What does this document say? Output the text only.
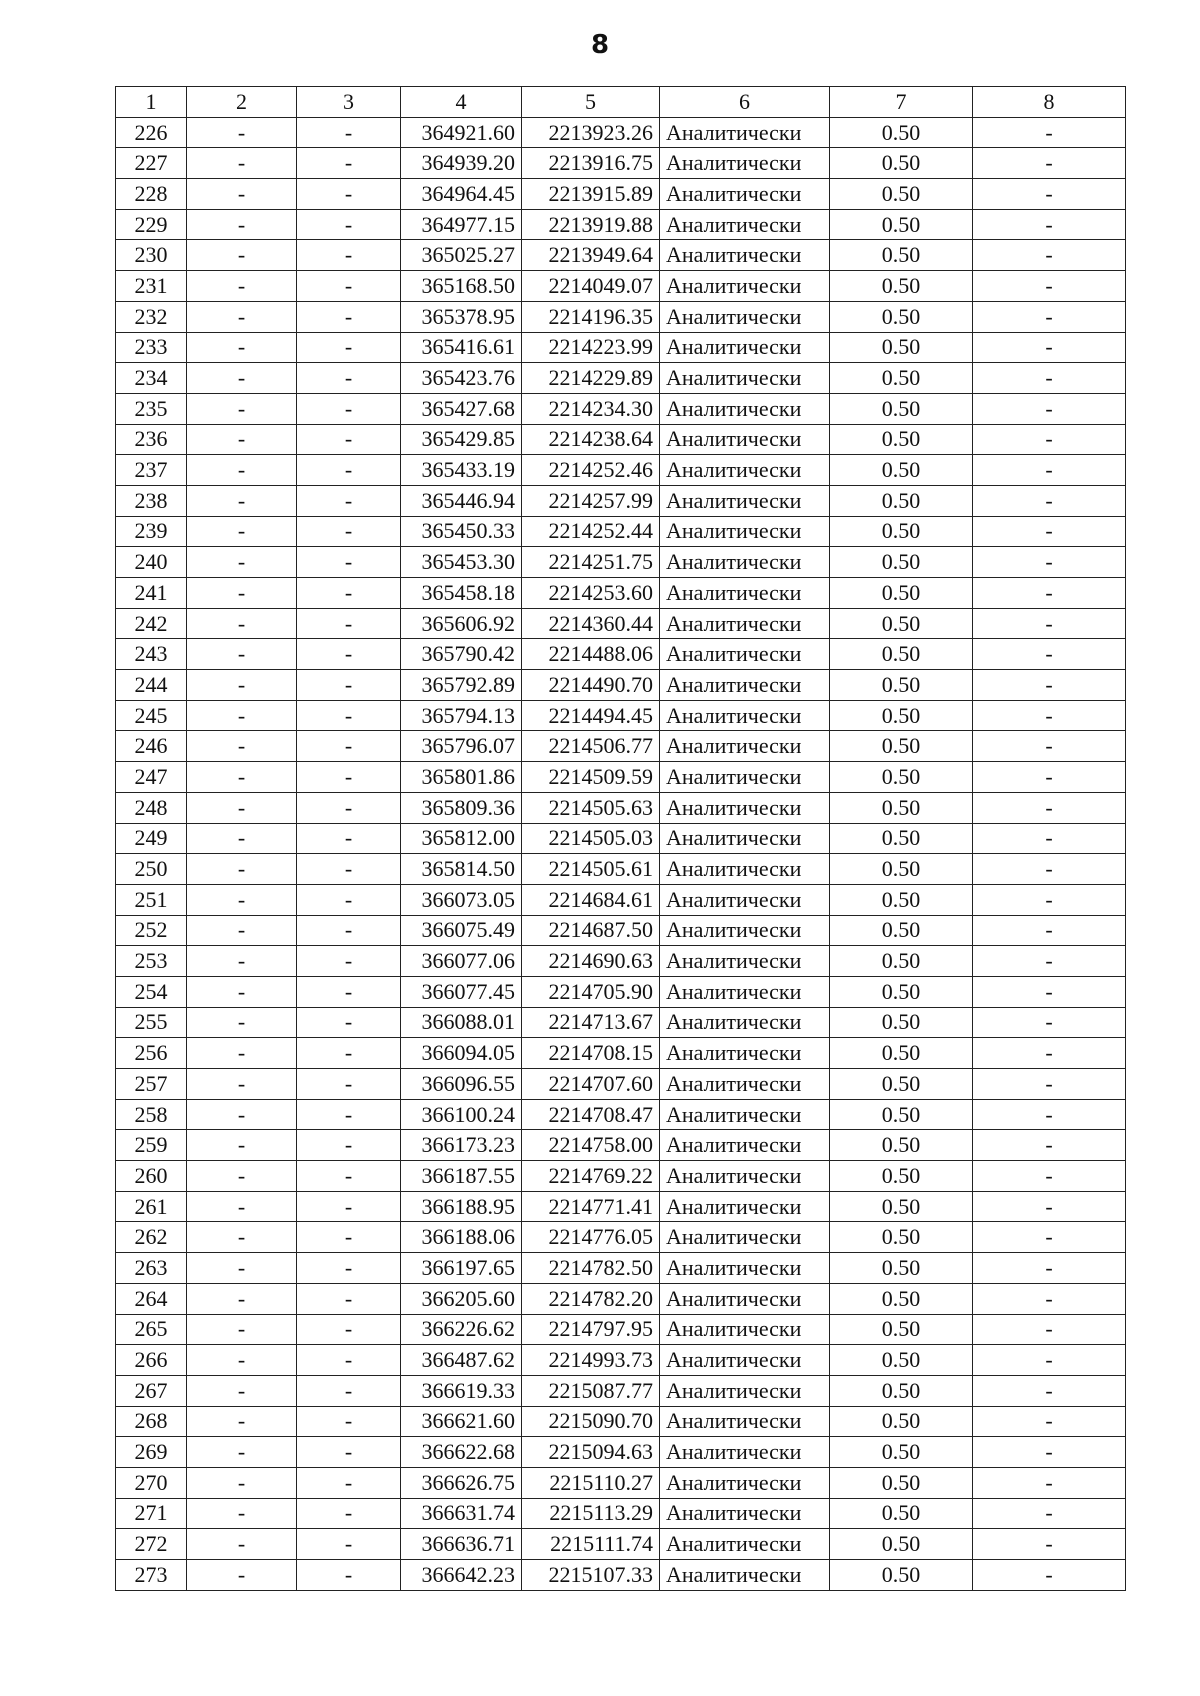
8
1	2	3	4	5	6	7	8
226	-	-	364921.60	2213923.26	Аналитически	0.50	-
227	-	-	364939.20	2213916.75	Аналитически	0.50	-
228	-	-	364964.45	2213915.89	Аналитически	0.50	-
229	-	-	364977.15	2213919.88	Аналитически	0.50	-
230	-	-	365025.27	2213949.64	Аналитически	0.50	-
231	-	-	365168.50	2214049.07	Аналитически	0.50	-
232	-	-	365378.95	2214196.35	Аналитически	0.50	-
233	-	-	365416.61	2214223.99	Аналитически	0.50	-
234	-	-	365423.76	2214229.89	Аналитически	0.50	-
235	-	-	365427.68	2214234.30	Аналитически	0.50	-
236	-	-	365429.85	2214238.64	Аналитически	0.50	-
237	-	-	365433.19	2214252.46	Аналитически	0.50	-
238	-	-	365446.94	2214257.99	Аналитически	0.50	-
239	-	-	365450.33	2214252.44	Аналитически	0.50	-
240	-	-	365453.30	2214251.75	Аналитически	0.50	-
241	-	-	365458.18	2214253.60	Аналитически	0.50	-
242	-	-	365606.92	2214360.44	Аналитически	0.50	-
243	-	-	365790.42	2214488.06	Аналитически	0.50	-
244	-	-	365792.89	2214490.70	Аналитически	0.50	-
245	-	-	365794.13	2214494.45	Аналитически	0.50	-
246	-	-	365796.07	2214506.77	Аналитически	0.50	-
247	-	-	365801.86	2214509.59	Аналитически	0.50	-
248	-	-	365809.36	2214505.63	Аналитически	0.50	-
249	-	-	365812.00	2214505.03	Аналитически	0.50	-
250	-	-	365814.50	2214505.61	Аналитически	0.50	-
251	-	-	366073.05	2214684.61	Аналитически	0.50	-
252	-	-	366075.49	2214687.50	Аналитически	0.50	-
253	-	-	366077.06	2214690.63	Аналитически	0.50	-
254	-	-	366077.45	2214705.90	Аналитически	0.50	-
255	-	-	366088.01	2214713.67	Аналитически	0.50	-
256	-	-	366094.05	2214708.15	Аналитически	0.50	-
257	-	-	366096.55	2214707.60	Аналитически	0.50	-
258	-	-	366100.24	2214708.47	Аналитически	0.50	-
259	-	-	366173.23	2214758.00	Аналитически	0.50	-
260	-	-	366187.55	2214769.22	Аналитически	0.50	-
261	-	-	366188.95	2214771.41	Аналитически	0.50	-
262	-	-	366188.06	2214776.05	Аналитически	0.50	-
263	-	-	366197.65	2214782.50	Аналитически	0.50	-
264	-	-	366205.60	2214782.20	Аналитически	0.50	-
265	-	-	366226.62	2214797.95	Аналитически	0.50	-
266	-	-	366487.62	2214993.73	Аналитически	0.50	-
267	-	-	366619.33	2215087.77	Аналитически	0.50	-
268	-	-	366621.60	2215090.70	Аналитически	0.50	-
269	-	-	366622.68	2215094.63	Аналитически	0.50	-
270	-	-	366626.75	2215110.27	Аналитически	0.50	-
271	-	-	366631.74	2215113.29	Аналитически	0.50	-
272	-	-	366636.71	2215111.74	Аналитически	0.50	-
273	-	-	366642.23	2215107.33	Аналитически	0.50	-
